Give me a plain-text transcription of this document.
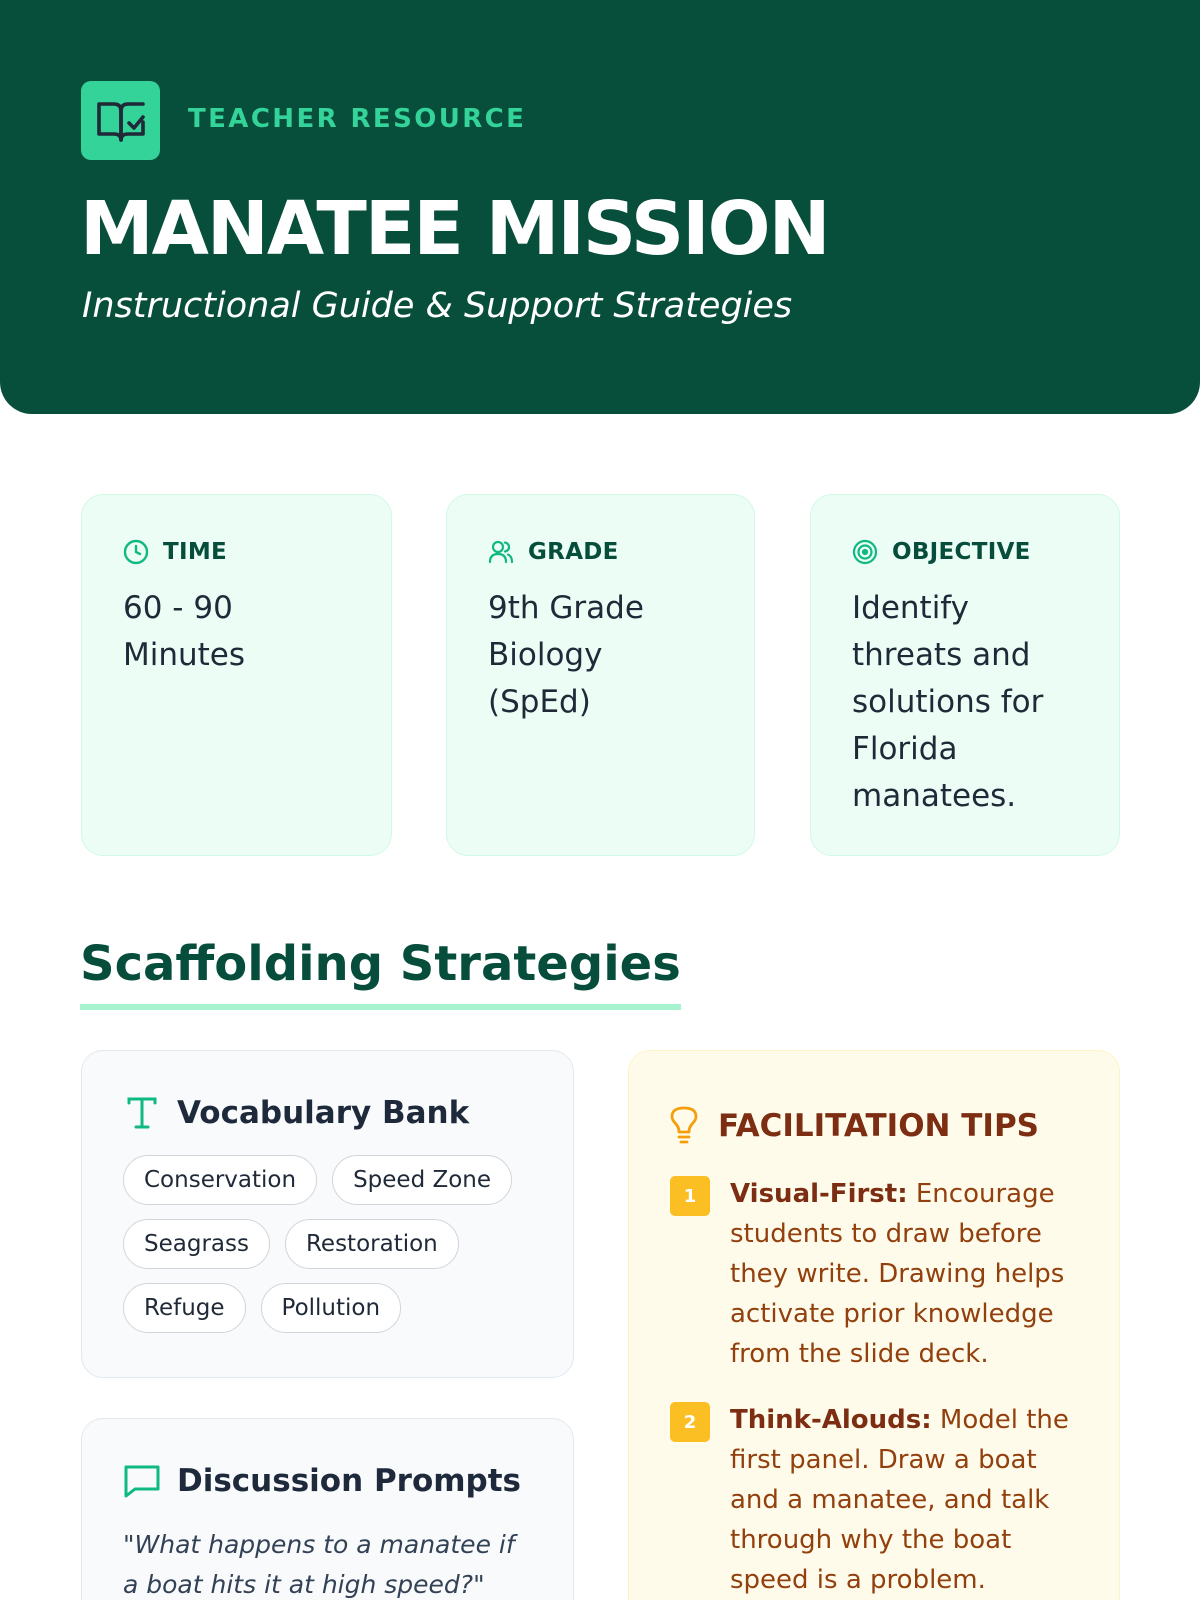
TEACHER RESOURCE
MANATEE MISSION
Instructional Guide & Support Strategies
TIME
60 - 90 Minutes
GRADE
9th Grade Biology (SpEd)
OBJECTIVE
Identify threats and solutions for Florida manatees.
Scaffolding Strategies
Vocabulary Bank
Conservation	Speed Zone
Seagrass	Restoration
Refuge	Pollution
Discussion Prompts
"What happens to a manatee if a boat hits it at high speed?"
FACILITATION TIPS
1	Visual-First: Encourage students to draw before they write. Drawing helps activate prior knowledge from the slide deck.
2	Think-Alouds: Model the first panel. Draw a boat and a manatee, and talk through why the boat speed is a problem.
